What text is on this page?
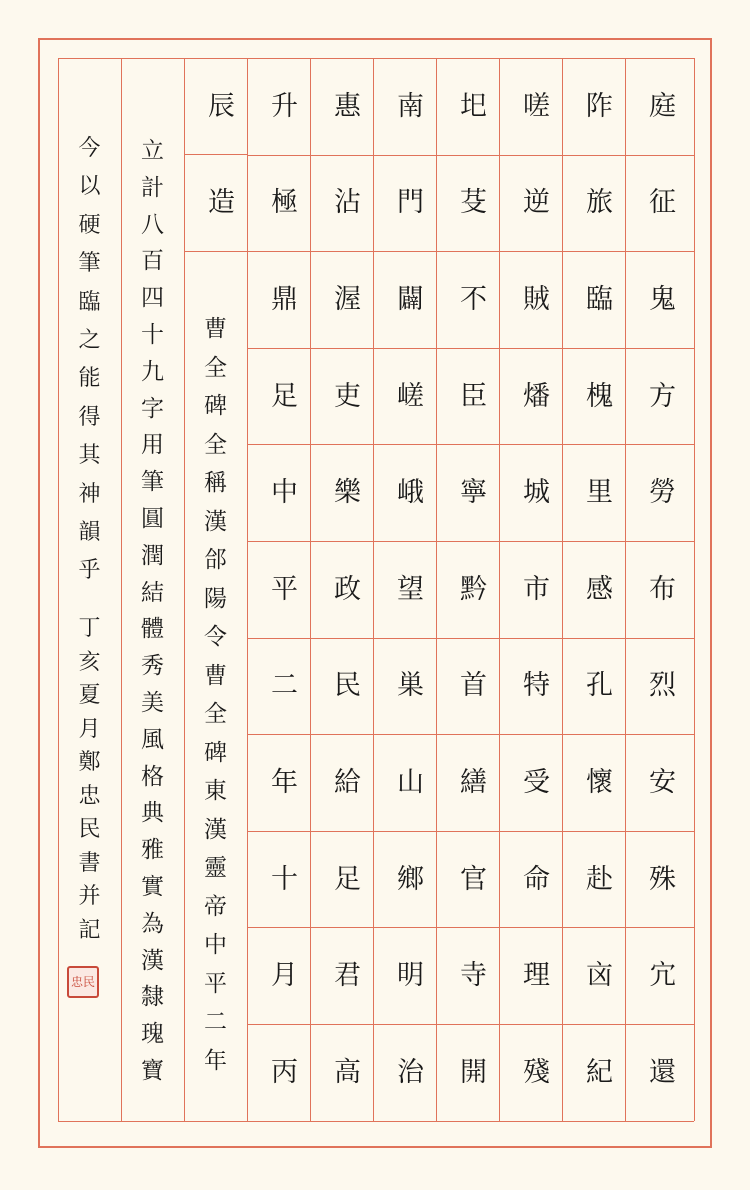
庭
征
鬼
方
勞
布
烈
安
殊
宂
還
阼
旅
臨
槐
里
感
孔
懷
赴
㐫
紀
嗟
逆
賊
燔
城
市
特
受
命
理
殘
圯
芟
不
臣
寧
黔
首
繕
官
寺
開
南
門
闢
嵯
峨
望
巣
山
鄉
明
治
惠
沾
渥
吏
樂
政
民
給
足
君
高
升
極
鼎
足
中
平
二
年
十
月
丙
辰
造
曹
全
碑
全
稱
漢
郃
陽
令
曹
全
碑
東
漢
靈
帝
中
平
二
年
立
計
八
百
四
十
九
字
用
筆
圓
潤
結
體
秀
美
風
格
典
雅
實
為
漢
隸
瑰
寶
今
以
硬
筆
臨
之
能
得
其
神
韻
乎
丁
亥
夏
月
鄭
忠
民
書
并
記
忠民
